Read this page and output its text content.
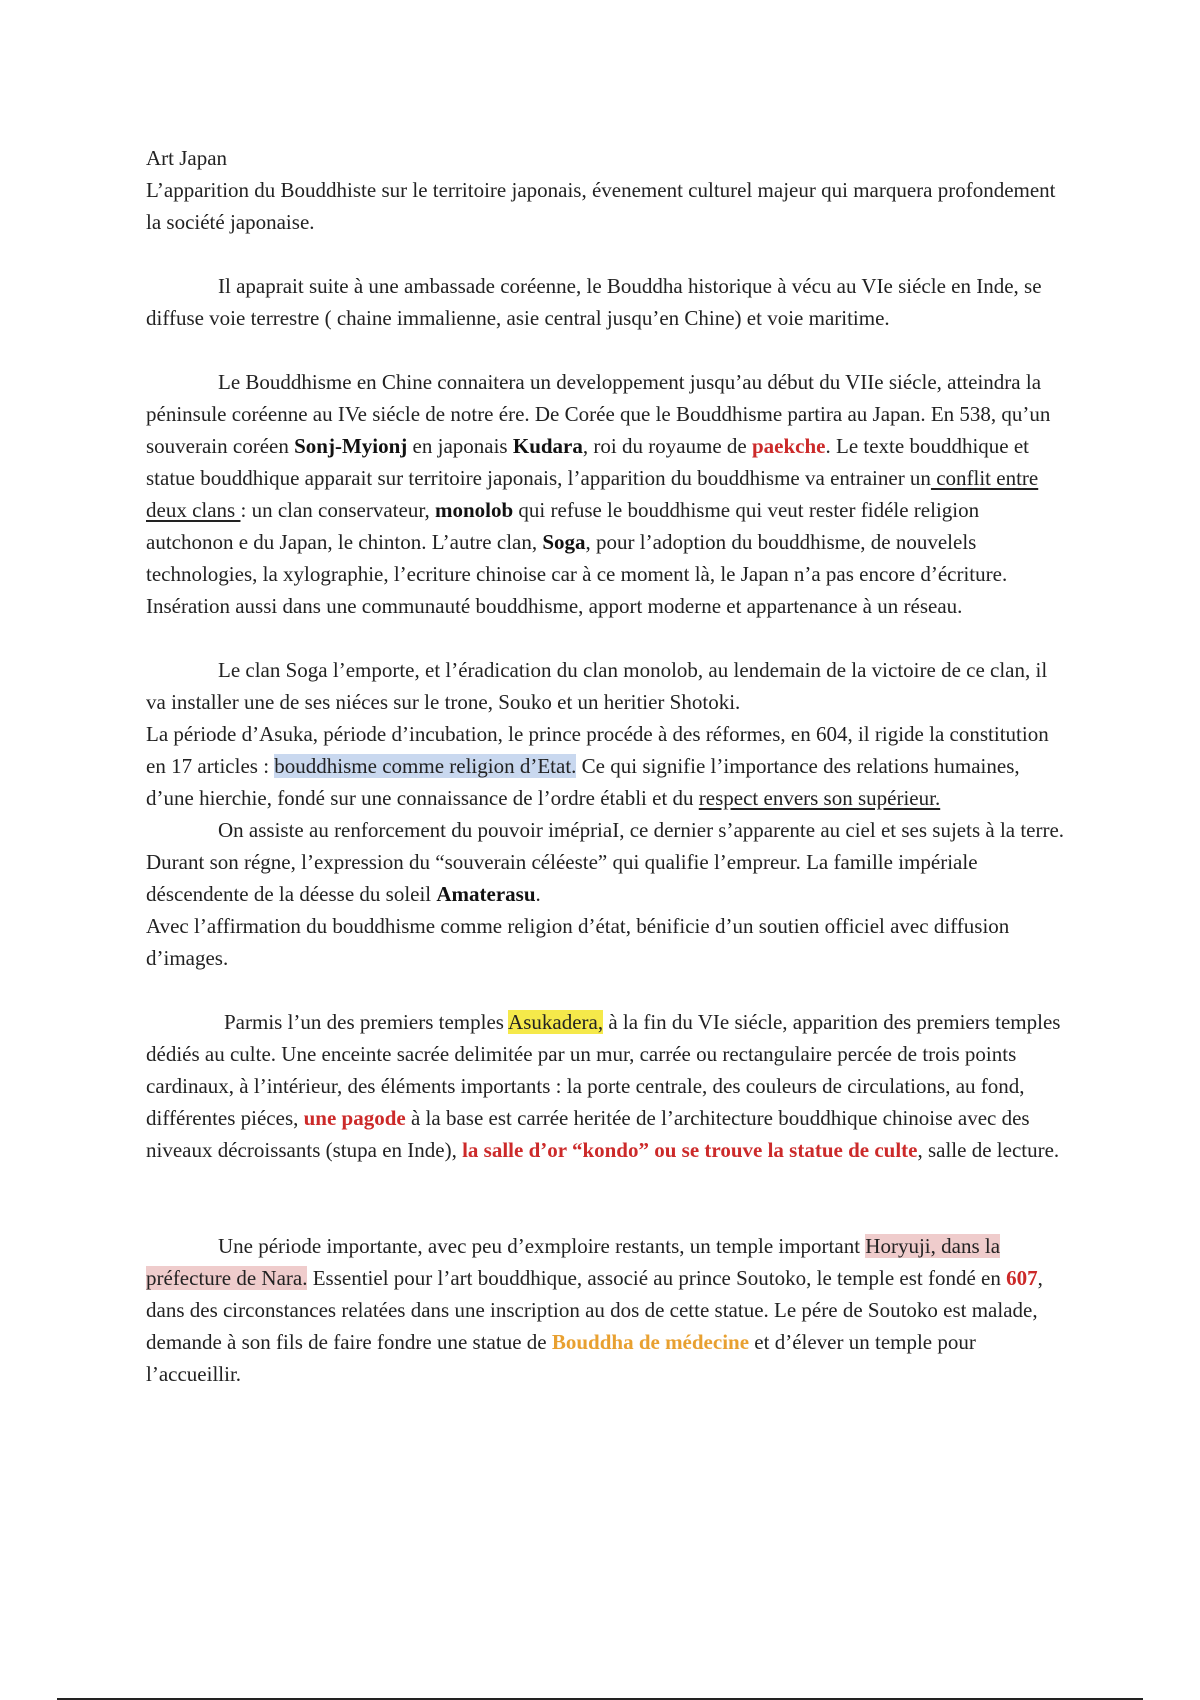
Art Japan

L’apparition du Bouddhiste sur le territoire japonais, évenement culturel majeur qui marquera profondement la société japonaise.

Il apaprait suite à une ambassade coréenne, le Bouddha historique à vécu au VIe siécle en Inde, se diffuse voie terrestre ( chaine immalienne, asie central jusqu’en Chine) et voie maritime.

Le Bouddhisme en Chine connaitera un developpement jusqu’au début du VIIe siécle, atteindra la péninsule coréenne au IVe siécle de notre ére. De Corée que le Bouddhisme partira au Japan. En 538, qu’un souverain coréen Sonj-Myionj en japonais Kudara, roi du royaume de paekche. Le texte bouddhique et statue bouddhique apparait sur territoire japonais, l’apparition du bouddhisme va entrainer un conflit entre deux clans : un clan conservateur, monolob qui refuse le bouddhisme qui veut rester fidéle religion autchonon e du Japan, le chinton. L’autre clan, Soga, pour l’adoption du bouddhisme, de nouvelels technologies, la xylographie, l’ecriture chinoise car à ce moment là, le Japan n’a pas encore d’écriture. Insération aussi dans une communauté bouddhisme, apport moderne et appartenance à un réseau.

Le clan Soga l’emporte, et l’éradication du clan monolob, au lendemain de la victoire de ce clan, il va installer une de ses niéces sur le trone, Souko et un heritier Shotoki.

La période d’Asuka, période d’incubation, le prince procéde à des réformes, en 604, il rigide la constitution en 17 articles : bouddhisme comme religion d’Etat. Ce qui signifie l’importance des relations humaines, d’une hierchie, fondé sur une connaissance de l’ordre établi et du respect envers son supérieur.

On assiste au renforcement du pouvoir imépriaI, ce dernier s’apparente au ciel et ses sujets à la terre. Durant son régne, l’expression du “souverain céléeste” qui qualifie l’empreur. La famille impériale déscendente de la déesse du soleil Amaterasu.

Avec l’affirmation du bouddhisme comme religion d’état, bénificie d’un soutien officiel avec diffusion d’images.

Parmis l’un des premiers temples Asukadera, à la fin du VIe siécle, apparition des premiers temples dédiés au culte. Une enceinte sacrée delimitée par un mur, carrée ou rectangulaire percée de trois points cardinaux, à l’intérieur, des éléments importants : la porte centrale, des couleurs de circulations, au fond, différentes piéces, une pagode à la base est carrée heritée de l’architecture bouddhique chinoise avec des niveaux décroissants (stupa en Inde), la salle d’or “kondo” ou se trouve la statue de culte, salle de lecture.

Une période importante, avec peu d’exmploire restants, un temple important Horyuji, dans la préfecture de Nara. Essentiel pour l’art bouddhique, associé au prince Soutoko, le temple est fondé en 607, dans des circonstances relatées dans une inscription au dos de cette statue. Le pére de Soutoko est malade, demande à son fils de faire fondre une statue de Bouddha de médecine et d’élever un temple pour l’accueillir.
